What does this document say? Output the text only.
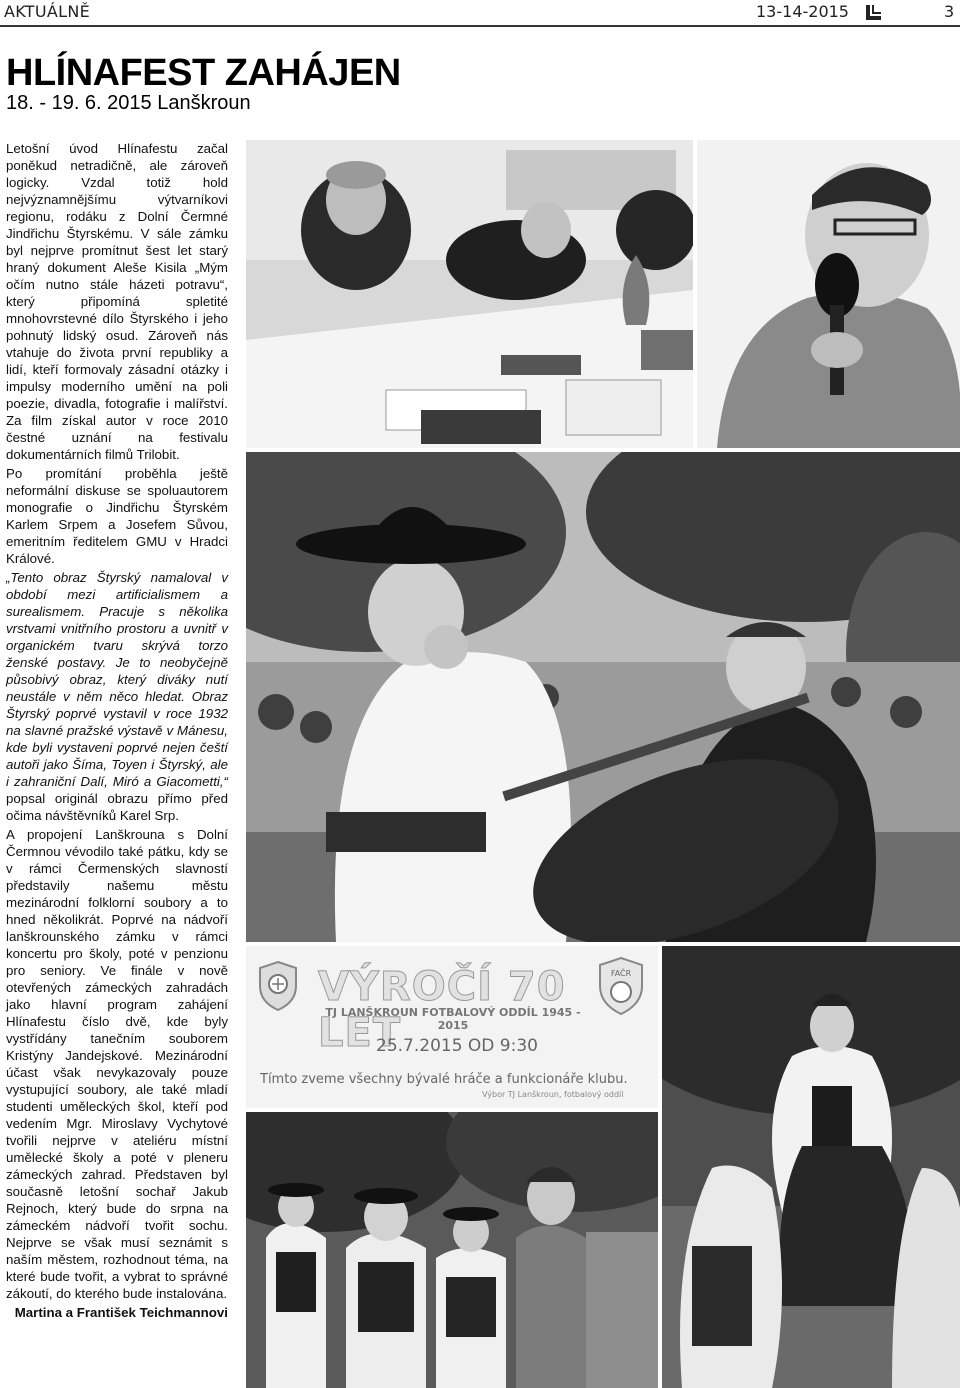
AKTUÁLNĚ	13-14-2015	3
HLÍNAFEST ZAHÁJEN
18. - 19. 6. 2015 Lanškroun

Letošní úvod Hlínafestu začal poněkud netradičně, ale zároveň logicky. Vzdal totiž hold nejvýznamnějšímu výtvarníkovi regionu, rodáku z Dolní Čermné Jindřichu Štyrskému. V sále zámku byl nejprve promítnut šest let starý hraný dokument Aleše Kisila „Mým očím nutno stále házeti potravu“, který připomíná spletité mnohovrstevné dílo Štyrského i jeho pohnutý lidský osud. Zároveň nás vtahuje do života první republiky a lidí, kteří formovaly zásadní otázky i impulsy moderního umění na poli poezie, divadla, fotografie i malířství. Za film získal autor v roce 2010 čestné uznání na festivalu dokumentárních filmů Trilobit.

Po promítání proběhla ještě neformální diskuse se spoluautorem monografie o Jindřichu Štyrském Karlem Srpem a Josefem Sůvou, emeritním ředitelem GMU v Hradci Králové.

„Tento obraz Štyrský namaloval v období mezi artificialismem a surealismem. Pracuje s několika vrstvami vnitřního prostoru a uvnitř v organickém tvaru skrývá torzo ženské postavy. Je to neobyčejně působivý obraz, který diváky nutí neustále v něm něco hledat. Obraz Štyrský poprvé vystavil v roce 1932 na slavné pražské výstavě v Mánesu, kde byli vystaveni poprvé nejen čeští autoři jako Šíma, Toyen i Štyrský, ale i zahraniční Dalí, Miró a Giacometti,“ popsal originál obrazu přímo před očima návštěvníků Karel Srp.

A propojení Lanškrouna s Dolní Čermnou vévodilo také pátku, kdy se v rámci Čermenských slavností představily našemu městu mezinárodní folklorní soubory a to hned několikrát. Poprvé na nádvoří lanškrounského zámku v rámci koncertu pro školy, poté v penzionu pro seniory. Ve finále v nově otevřených zámeckých zahradách jako hlavní program zahájení Hlínafestu číslo dvě, kde byly vystřídány tanečním souborem Kristýny Jandejskové. Mezinárodní účast však nevykazovaly pouze vystupující soubory, ale také mladí studenti uměleckých škol, kteří pod vedením Mgr. Miroslavy Vychytové tvořili nejprve v ateliéru místní umělecké školy a poté v pleneru zámeckých zahrad. Představen byl současně letošní sochař Jakub Rejnoch, který bude do srpna na zámeckém nádvoří tvořit sochu. Nejprve se však musí seznámit s naším městem, rozhodnout téma, na které bude tvořit, a vybrat to správné zákoutí, do kterého bude instalována.

Martina a František Teichmannovi

VÝROČÍ 70 LET
TJ LANŠKROUN FOTBALOVÝ ODDÍL 1945 - 2015
FAČR
25.7.2015 OD 9:30
Tímto zveme všechny bývalé hráče a funkcionáře klubu.
Výbor TJ Lanškroun, fotbalový oddíl
